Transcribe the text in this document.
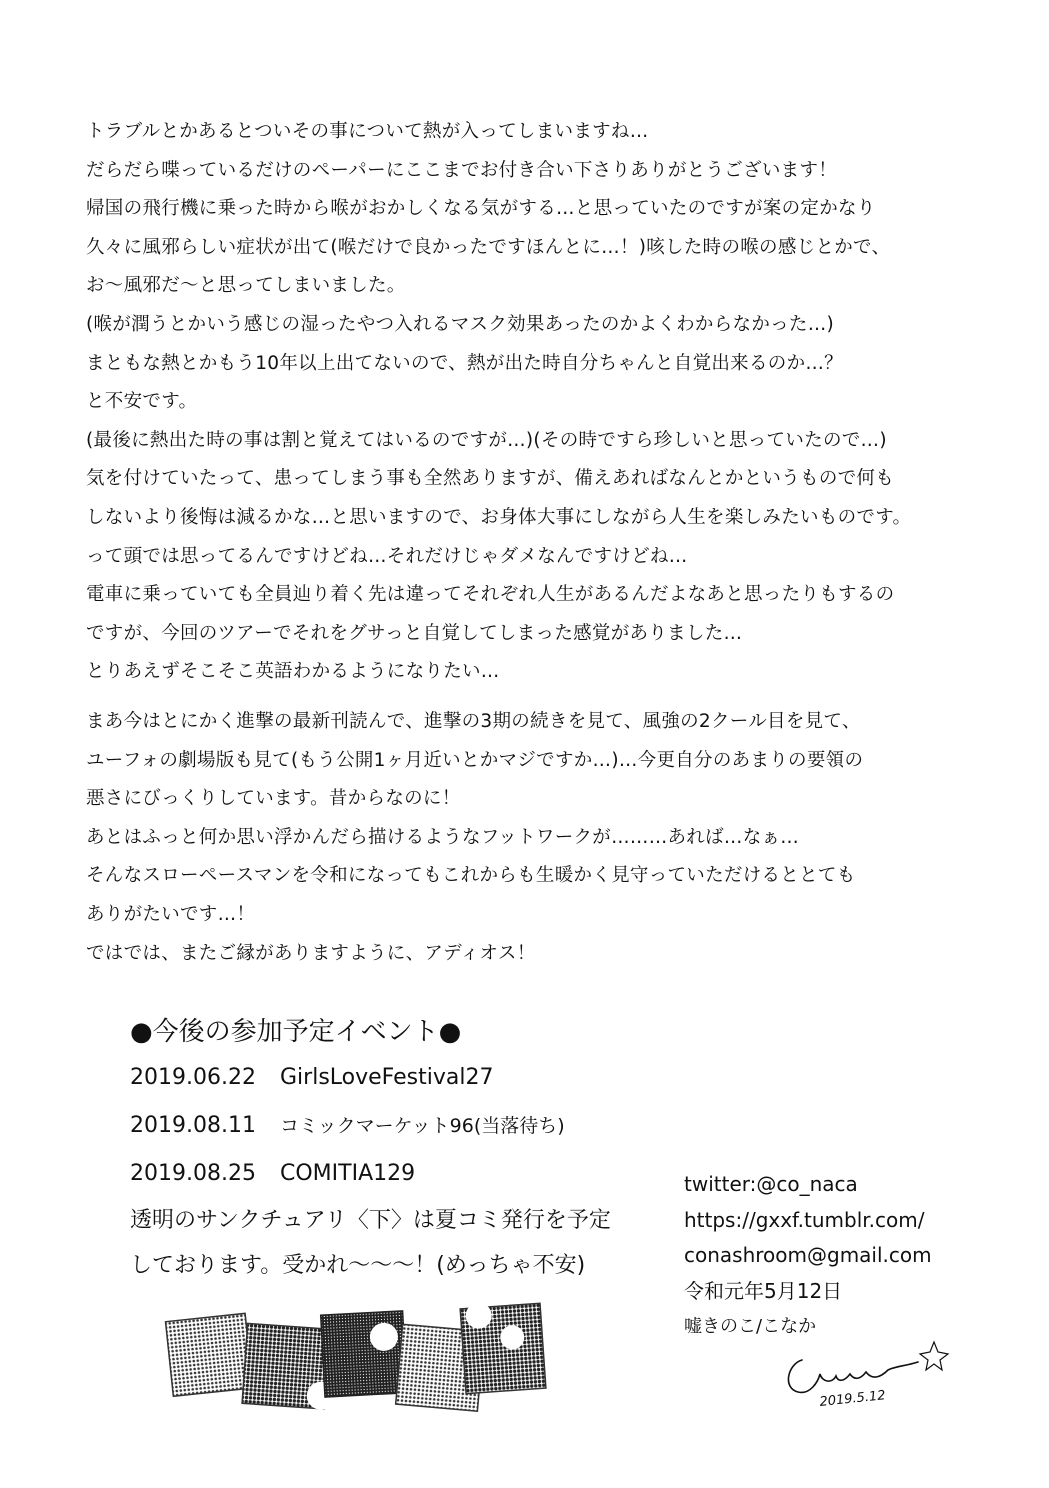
トラブルとかあるとついその事について熱が入ってしまいますね…
だらだら喋っているだけのペーパーにここまでお付き合い下さりありがとうございます！
帰国の飛行機に乗った時から喉がおかしくなる気がする…と思っていたのですが案の定かなり
久々に風邪らしい症状が出て(喉だけで良かったですほんとに…！)咳した時の喉の感じとかで、
お〜風邪だ〜と思ってしまいました。
(喉が潤うとかいう感じの湿ったやつ入れるマスク効果あったのかよくわからなかった…)
まともな熱とかもう10年以上出てないので、熱が出た時自分ちゃんと自覚出来るのか…？
と不安です。
(最後に熱出た時の事は割と覚えてはいるのですが…)(その時ですら珍しいと思っていたので…)
気を付けていたって、患ってしまう事も全然ありますが、備えあればなんとかというもので何も
しないより後悔は減るかな…と思いますので、お身体大事にしながら人生を楽しみたいものです。
って頭では思ってるんですけどね…それだけじゃダメなんですけどね…
電車に乗っていても全員辿り着く先は違ってそれぞれ人生があるんだよなあと思ったりもするの
ですが、今回のツアーでそれをグサっと自覚してしまった感覚がありました…
とりあえずそこそこ英語わかるようになりたい…
まあ今はとにかく進撃の最新刊読んで、進撃の3期の続きを見て、風強の2クール目を見て、
ユーフォの劇場版も見て(もう公開1ヶ月近いとかマジですか…)…今更自分のあまりの要領の
悪さにびっくりしています。昔からなのに！
あとはふっと何か思い浮かんだら描けるようなフットワークが………あれば…なぁ…
そんなスローペースマンを令和になってもこれからも生暖かく見守っていただけるととても
ありがたいです…！
ではでは、またご縁がありますように、アディオス！
●今後の参加予定イベント●
2019.06.22 GirlsLoveFestival27
2019.08.11 コミックマーケット96(当落待ち)
2019.08.25 COMITIA129
透明のサンクチュアリ〈下〉は夏コミ発行を予定
しております。受かれ〜〜〜！(めっちゃ不安)
twitter:@co_naca
https://gxxf.tumblr.com/
conashroom@gmail.com
令和元年5月12日
嘘きのこ/こなか
2019.5.12
